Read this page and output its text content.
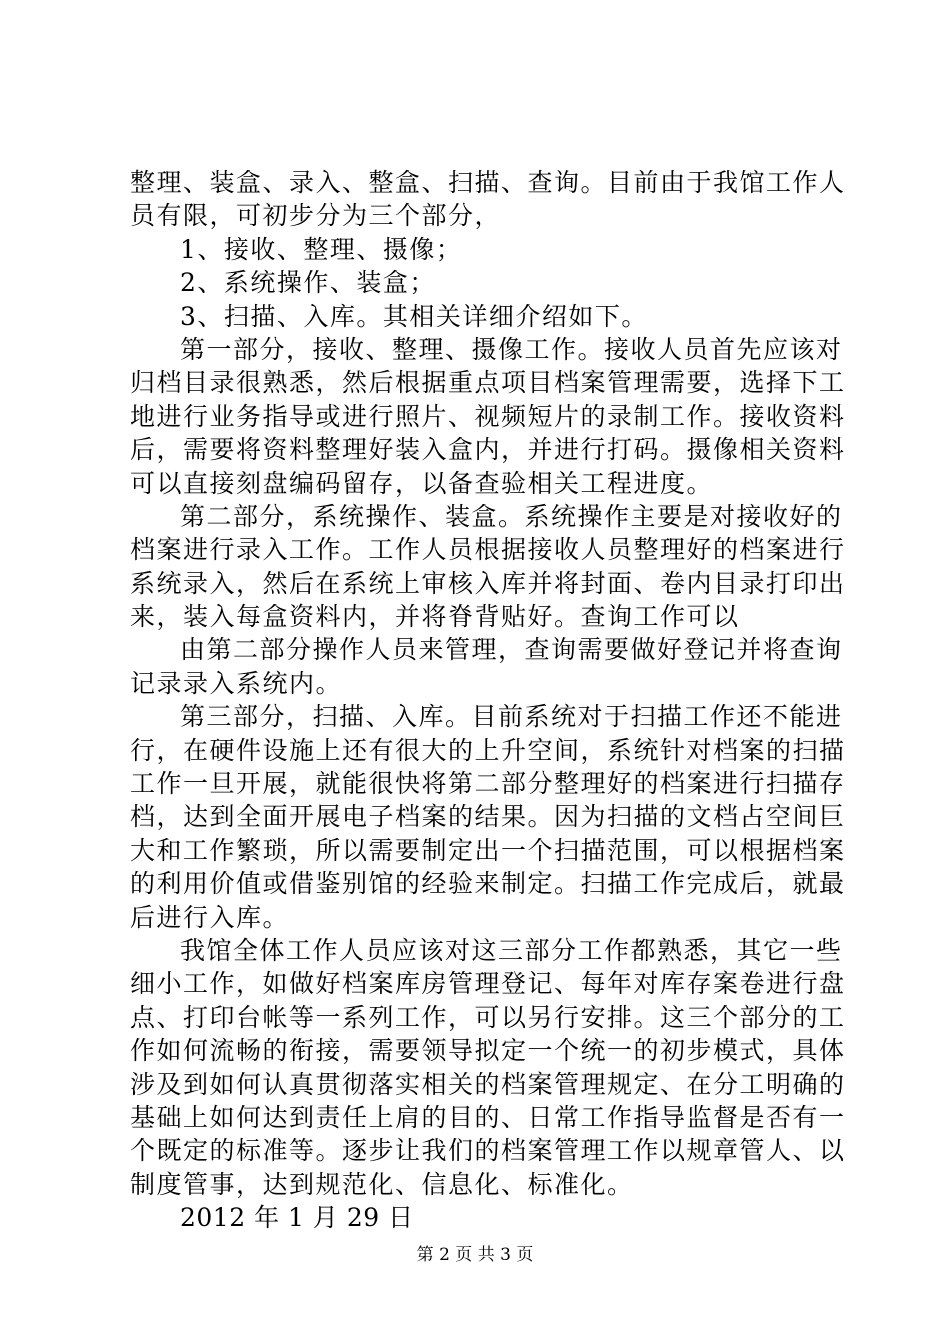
整理、装盒、录入、整盒、扫描、查询。目前由于我馆工作人
员有限，可初步分为三个部分，
1、接收、整理、摄像；
2、系统操作、装盒；
3、扫描、入库。其相关详细介绍如下。
第一部分，接收、整理、摄像工作。接收人员首先应该对
归档目录很熟悉，然后根据重点项目档案管理需要，选择下工
地进行业务指导或进行照片、视频短片的录制工作。接收资料
后，需要将资料整理好装入盒内，并进行打码。摄像相关资料
可以直接刻盘编码留存，以备查验相关工程进度。
第二部分，系统操作、装盒。系统操作主要是对接收好的
档案进行录入工作。工作人员根据接收人员整理好的档案进行
系统录入，然后在系统上审核入库并将封面、卷内目录打印出
来，装入每盒资料内，并将脊背贴好。查询工作可以
由第二部分操作人员来管理，查询需要做好登记并将查询
记录录入系统内。
第三部分，扫描、入库。目前系统对于扫描工作还不能进
行，在硬件设施上还有很大的上升空间，系统针对档案的扫描
工作一旦开展，就能很快将第二部分整理好的档案进行扫描存
档，达到全面开展电子档案的结果。因为扫描的文档占空间巨
大和工作繁琐，所以需要制定出一个扫描范围，可以根据档案
的利用价值或借鉴别馆的经验来制定。扫描工作完成后，就最
后进行入库。
我馆全体工作人员应该对这三部分工作都熟悉，其它一些
细小工作，如做好档案库房管理登记、每年对库存案卷进行盘
点、打印台帐等一系列工作，可以另行安排。这三个部分的工
作如何流畅的衔接，需要领导拟定一个统一的初步模式，具体
涉及到如何认真贯彻落实相关的档案管理规定、在分工明确的
基础上如何达到责任上肩的目的、日常工作指导监督是否有一
个既定的标准等。逐步让我们的档案管理工作以规章管人、以
制度管事，达到规范化、信息化、标准化。
2012 年 1 月 29 日
第 2 页 共 3 页
